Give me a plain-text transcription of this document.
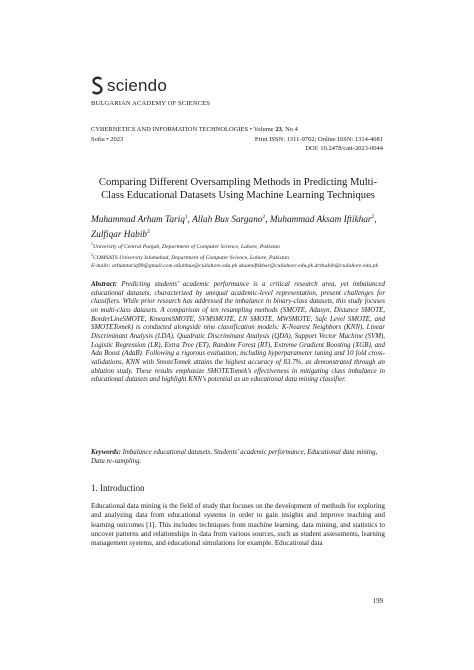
sciendo
BULGARIAN ACADEMY OF SCIENCES
CYBERNETICS AND INFORMATION TECHNOLOGIES • Volume 23, No 4
Sofia • 2023	Print ISSN: 1311-9702; Online ISSN: 1314-4081
DOI: 10.2478/cait-2023-0044
Comparing Different Oversampling Methods in Predicting Multi-Class Educational Datasets Using Machine Learning Techniques
Muhammad Arham Tariq$^1$, Allah Bux Sargano$^2$, Muhammad Aksam Iftikhar$^2$, Zulfiqar Habib$^2$
$^1$University of Central Punjab, Department of Computer Science, Lahore, Pakistan
$^2$COMSATS University Islamabad, Department of Computer Science, Lahore, Pakistan
E-mails: arhamtariq99@gmail.com allahbux@cuilahore.edu.pk aksamiftikhar@cuilahore.edu.pk drzhabib@cuilahore.edu.pk
Abstract: Predicting students’ academic performance is a critical research area, yet imbalanced educational datasets, characterized by unequal academic-level representation, present challenges for classifiers. While prior research has addressed the imbalance in binary-class datasets, this study focuses on multi-class datasets. A comparison of ten resampling methods (SMOTE, Adasyn, Distance SMOTE, BorderLineSMOTE, KmeansSMOTE, SVMSMOTE, LN SMOTE, MWSMOTE, Safe Level SMOTE, and SMOTETomek) is conducted alongside nine classification models: K-Nearest Neighbors (KNN), Linear Discriminant Analysis (LDA), Quadratic Discriminant Analysis (QDA), Support Vector Machine (SVM), Logistic Regression (LR), Extra Tree (ET), Random Forest (RT), Extreme Gradient Boosting (XGB), and Ada Boost (AdaB). Following a rigorous evaluation, including hyperparameter tuning and 10 fold cross-validations, KNN with SmoteTomek attains the highest accuracy of 83.7%, as demonstrated through an ablation study. These results emphasize SMOTETomek’s effectiveness in mitigating class imbalance in educational datasets and highlight KNN’s potential as an educational data mining classifier.
Keywords: Imbalance educational datasets, Students’ academic performance, Educational data mining, Data re-sampling.
1. Introduction
Educational data mining is the field of study that focuses on the development of methods for exploring and analyzing data from educational systems in order to gain insights and improve teaching and learning outcomes [1]. This includes techniques from machine learning, data mining, and statistics to uncover patterns and relationships in data from various sources, such as student assessments, learning management systems, and educational simulations for example. Educational data
199
